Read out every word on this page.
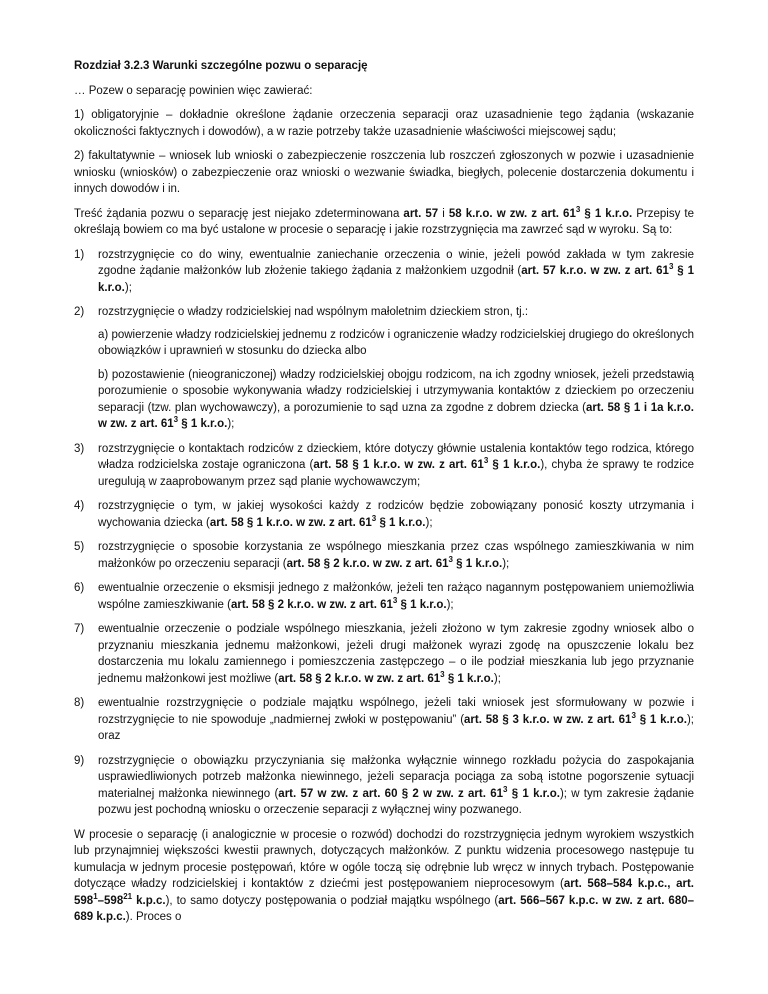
Rozdział 3.2.3 Warunki szczególne pozwu o separację

… Pozew o separację powinien więc zawierać:

1) obligatoryjnie – dokładnie określone żądanie orzeczenia separacji oraz uzasadnienie tego żądania (wskazanie okoliczności faktycznych i dowodów), a w razie potrzeby także uzasadnienie właściwości miejscowej sądu;

2) fakultatywnie – wniosek lub wnioski o zabezpieczenie roszczenia lub roszczeń zgłoszonych w pozwie i uzasadnienie wniosku (wniosków) o zabezpieczenie oraz wnioski o wezwanie świadka, biegłych, polecenie dostarczenia dokumentu i innych dowodów i in.

Treść żądania pozwu o separację jest niejako zdeterminowana art. 57 i 58 k.r.o. w zw. z art. $61^3$ § 1 k.r.o. Przepisy te określają bowiem co ma być ustalone w procesie o separację i jakie rozstrzygnięcia ma zawrzeć sąd w wyroku. Są to:

1) rozstrzygnięcie co do winy, ewentualnie zaniechanie orzeczenia o winie, jeżeli powód zakłada w tym zakresie zgodne żądanie małżonków lub złożenie takiego żądania z małżonkiem uzgodnił (art. 57 k.r.o. w zw. z art. $61^3$ § 1 k.r.o.);
2) rozstrzygnięcie o władzy rodzicielskiej nad wspólnym małoletnim dzieckiem stron, tj.:

a) powierzenie władzy rodzicielskiej jednemu z rodziców i ograniczenie władzy rodzicielskiej drugiego do określonych obowiązków i uprawnień w stosunku do dziecka albo

b) pozostawienie (nieograniczonej) władzy rodzicielskiej obojgu rodzicom, na ich zgodny wniosek, jeżeli przedstawią porozumienie o sposobie wykonywania władzy rodzicielskiej i utrzymywania kontaktów z dzieckiem po orzeczeniu separacji (tzw. plan wychowawczy), a porozumienie to sąd uzna za zgodne z dobrem dziecka (art. 58 § 1 i 1a k.r.o. w zw. z art. $61^3$ § 1 k.r.o.);

3) rozstrzygnięcie o kontaktach rodziców z dzieckiem, które dotyczy głównie ustalenia kontaktów tego rodzica, którego władza rodzicielska zostaje ograniczona (art. 58 § 1 k.r.o. w zw. z art. $61^3$ § 1 k.r.o.), chyba że sprawy te rodzice uregulują w zaaprobowanym przez sąd planie wychowawczym;
4) rozstrzygnięcie o tym, w jakiej wysokości każdy z rodziców będzie zobowiązany ponosić koszty utrzymania i wychowania dziecka (art. 58 § 1 k.r.o. w zw. z art. $61^3$ § 1 k.r.o.);
5) rozstrzygnięcie o sposobie korzystania ze wspólnego mieszkania przez czas wspólnego zamieszkiwania w nim małżonków po orzeczeniu separacji (art. 58 § 2 k.r.o. w zw. z art. $61^3$ § 1 k.r.o.);
6) ewentualnie orzeczenie o eksmisji jednego z małżonków, jeżeli ten rażąco nagannym postępowaniem uniemożliwia wspólne zamieszkiwanie (art. 58 § 2 k.r.o. w zw. z art. $61^3$ § 1 k.r.o.);
7) ewentualnie orzeczenie o podziale wspólnego mieszkania, jeżeli złożono w tym zakresie zgodny wniosek albo o przyznaniu mieszkania jednemu małżonkowi, jeżeli drugi małżonek wyrazi zgodę na opuszczenie lokalu bez dostarczenia mu lokalu zamiennego i pomieszczenia zastępczego – o ile podział mieszkania lub jego przyznanie jednemu małżonkowi jest możliwe (art. 58 § 2 k.r.o. w zw. z art. $61^3$ § 1 k.r.o.);
8) ewentualnie rozstrzygnięcie o podziale majątku wspólnego, jeżeli taki wniosek jest sformułowany w pozwie i rozstrzygnięcie to nie spowoduje „nadmiernej zwłoki w postępowaniu” (art. 58 § 3 k.r.o. w zw. z art. $61^3$ § 1 k.r.o.); oraz
9) rozstrzygnięcie o obowiązku przyczyniania się małżonka wyłącznie winnego rozkładu pożycia do zaspokajania usprawiedliwionych potrzeb małżonka niewinnego, jeżeli separacja pociąga za sobą istotne pogorszenie sytuacji materialnej małżonka niewinnego (art. 57 w zw. z art. 60 § 2 w zw. z art. $61^3$ § 1 k.r.o.); w tym zakresie żądanie pozwu jest pochodną wniosku o orzeczenie separacji z wyłącznej winy pozwanego.

W procesie o separację (i analogicznie w procesie o rozwód) dochodzi do rozstrzygnięcia jednym wyrokiem wszystkich lub przynajmniej większości kwestii prawnych, dotyczących małżonków. Z punktu widzenia procesowego następuje tu kumulacja w jednym procesie postępowań, które w ogóle toczą się odrębnie lub wręcz w innych trybach. Postępowanie dotyczące władzy rodzicielskiej i kontaktów z dziećmi jest postępowaniem nieprocesowym (art. 568–584 k.p.c., art. $598^1-598^{21}$ k.p.c.), to samo dotyczy postępowania o podział majątku wspólnego (art. 566–567 k.p.c. w zw. z art. 680–689 k.p.c.). Proces o
